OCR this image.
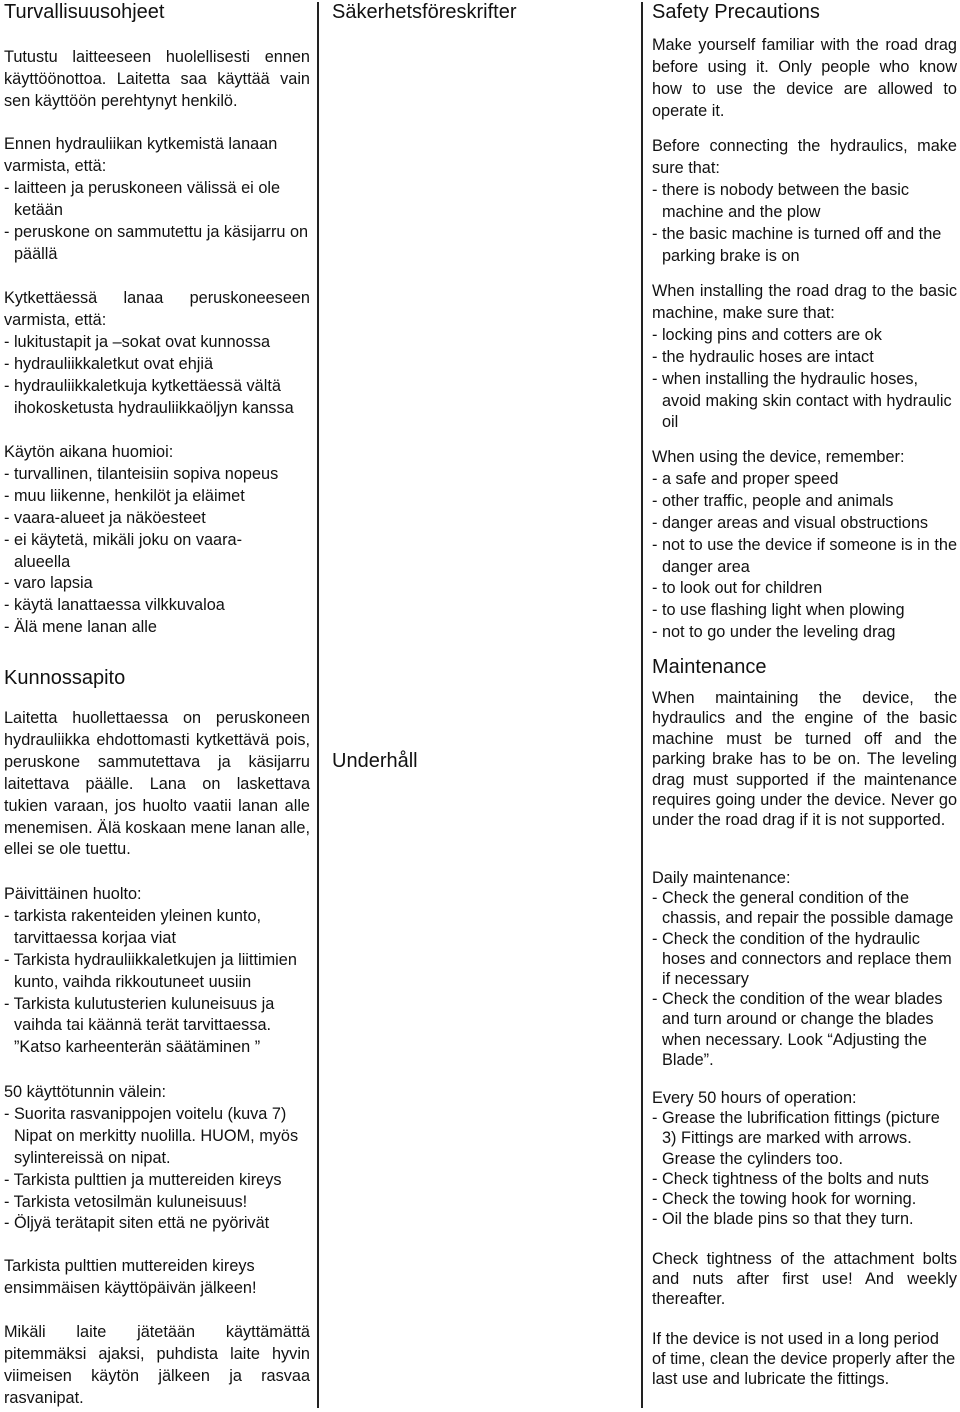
Turvallisuusohjeet

Tutustu laitteeseen huolellisesti ennen käyttöönottoa. Laitetta saa käyttää vain sen käyttöön perehtynyt henkilö.

Ennen hydrauliikan kytkemistä lanaan varmista, että:

- laitteen ja peruskoneen välissä ei ole ketään

- peruskone on sammutettu ja käsijarru on päällä

Kytkettäessä lanaa peruskoneeseen varmista, että:

- lukitustapit ja –sokat ovat kunnossa

- hydrauliikkaletkut ovat ehjiä

- hydrauliikkaletkuja kytkettäessä vältä ihokosketusta hydrauliikkaöljyn kanssa

Käytön aikana huomioi:

- turvallinen, tilanteisiin sopiva nopeus

- muu liikenne, henkilöt ja eläimet

- vaara-alueet ja näköesteet

- ei käytetä, mikäli joku on vaara-alueella

- varo lapsia

- käytä lanattaessa vilkkuvaloa

- Älä mene lanan alle

Kunnossapito

Laitetta huollettaessa on peruskoneen hydrauliikka ehdottomasti kytkettävä pois, peruskone sammutettava ja käsijarru laitettava päälle. Lana on laskettava tukien varaan, jos huolto vaatii lanan alle menemisen. Älä koskaan mene lanan alle, ellei se ole tuettu.

Päivittäinen huolto:

- tarkista rakenteiden yleinen kunto, tarvittaessa korjaa viat

- Tarkista hydrauliikkaletkujen ja liittimien kunto, vaihda rikkoutuneet uusiin

- Tarkista kulutusterien kuluneisuus ja vaihda tai käännä terät tarvittaessa. ”Katso karheenterän säätäminen ”

50 käyttötunnin välein:

- Suorita rasvanippojen voitelu (kuva 7) Nipat on merkitty nuolilla. HUOM, myös sylintereissä on nipat.

- Tarkista pulttien ja muttereiden kireys

- Tarkista vetosilmän kuluneisuus!

- Öljyä terätapit siten että ne pyörivät

Tarkista pulttien muttereiden kireys ensimmäisen käyttöpäivän jälkeen!

Mikäli laite jätetään käyttämättä pitemmäksi ajaksi, puhdista laite hyvin viimeisen käytön jälkeen ja rasvaa rasvanipat.

Säkerhetsföreskrifter
Underhåll
Safety Precautions

Make yourself familiar with the road drag before using it. Only people who know how to use the device are allowed to operate it.

Before connecting the hydraulics, make sure that:

- there is nobody between the basic machine and the plow

- the basic machine is turned off and the parking brake is on

When installing the road drag to the basic machine, make sure that:

- locking pins and cotters are ok

- the hydraulic hoses are intact

- when installing the hydraulic hoses, avoid making skin contact with hydraulic oil

When using the device, remember:

- a safe and proper speed

- other traffic, people and animals

- danger areas and visual obstructions

- not to use the device if someone is in the danger area

- to look out for children

- to use flashing light when plowing

- not to go under the leveling drag

Maintenance

When maintaining the device, the hydraulics and the engine of the basic machine must be turned off and the parking brake has to be on. The leveling drag must supported if the maintenance requires going under the device. Never go under the road drag if it is not supported.

Daily maintenance:

- Check the general condition of the chassis, and repair the possible damage

- Check the condition of the hydraulic hoses and connectors and replace them if necessary

- Check the condition of the wear blades and turn around or change the blades when necessary. Look “Adjusting the Blade”.

Every 50 hours of operation:

- Grease the lubrification fittings (picture 3) Fittings are marked with arrows. Grease the cylinders too.

- Check tightness of the bolts and nuts

- Check the towing hook for worning.

- Oil the blade pins so that they turn.

Check tightness of the attachment bolts and nuts after first use! And weekly thereafter.

If the device is not used in a long period of time, clean the device properly after the last use and lubricate the fittings.
